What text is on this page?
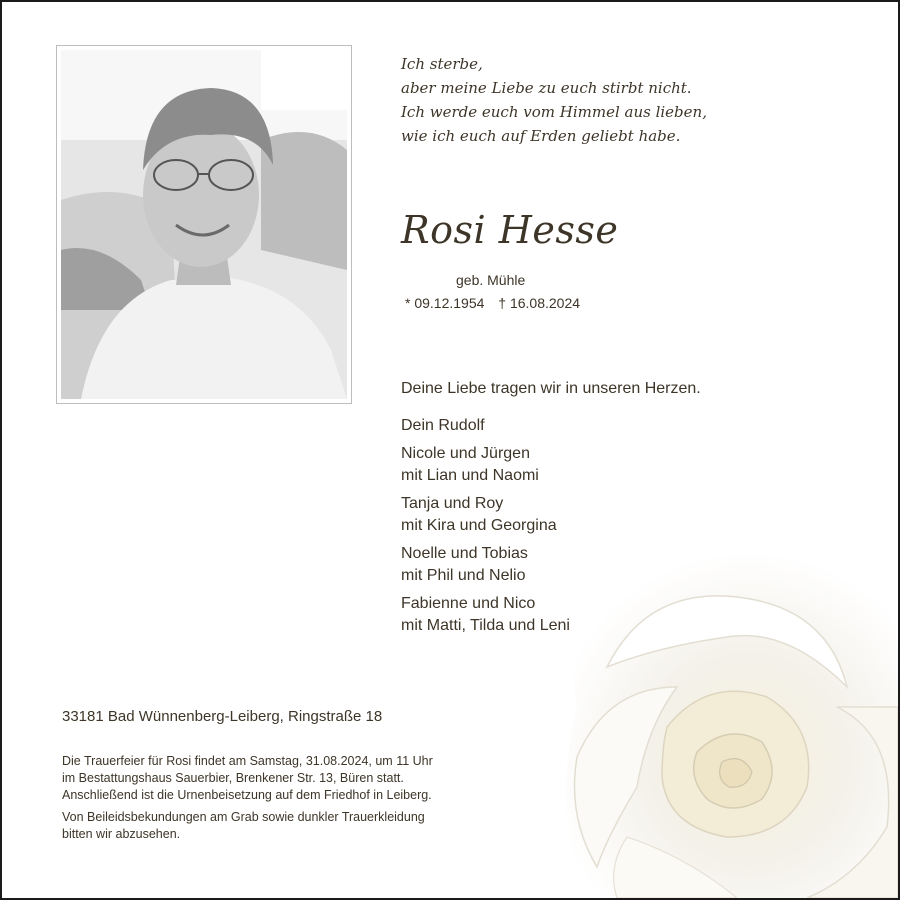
Ich sterbe,
aber meine Liebe zu euch stirbt nicht.
Ich werde euch vom Himmel aus lieben,
wie ich euch auf Erden geliebt habe.
Rosi Hesse
geb. Mühle
* 09.12.1954 † 16.08.2024
Deine Liebe tragen wir in unseren Herzen.
Dein Rudolf
Nicole und Jürgen
mit Lian und Naomi
Tanja und Roy
mit Kira und Georgina
Noelle und Tobias
mit Phil und Nelio
Fabienne und Nico
mit Matti, Tilda und Leni
33181 Bad Wünnenberg-Leiberg, Ringstraße 18

Die Trauerfeier für Rosi findet am Samstag, 31.08.2024, um 11 Uhr
im Bestattungshaus Sauerbier, Brenkener Str. 13, Büren statt.
Anschließend ist die Urnenbeisetzung auf dem Friedhof in Leiberg.

Von Beileidsbekundungen am Grab sowie dunkler Trauerkleidung
bitten wir abzusehen.
